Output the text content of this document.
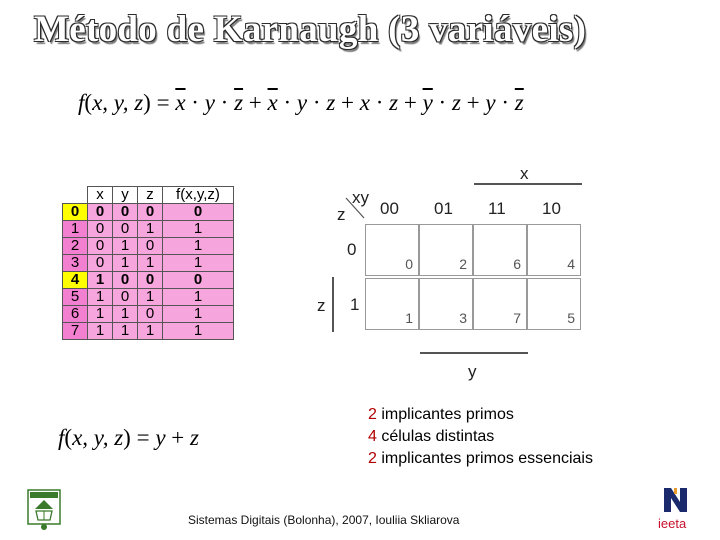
Método de Karnaugh (3 variáveis)
f(x, y, $z) = \overline{x} \cdot y \cdot \overline{z} + \overline{x} \cdot y \cdot z + x \cdot z + \overline{y} \cdot z + y \cdot \overline{z}$
	x	y	z	f(x,y,z)
0	0	0	0	0
1	0	0	1	1
2	0	1	0	1
3	0	1	1	1
4	1	0	0	0
5	1	0	1	1
6	1	1	0	1
7	1	1	1	1
x
xy
z 00 01 11 10
0
1
z
0	2	6	4
1	3	7	5
y
f(x, y, z) = y + z
2 implicantes primos
4 células distintas
2 implicantes primos essenciais
Sistemas Digitais (Bolonha), 2007, Iouliia Skliarova	ieeta
